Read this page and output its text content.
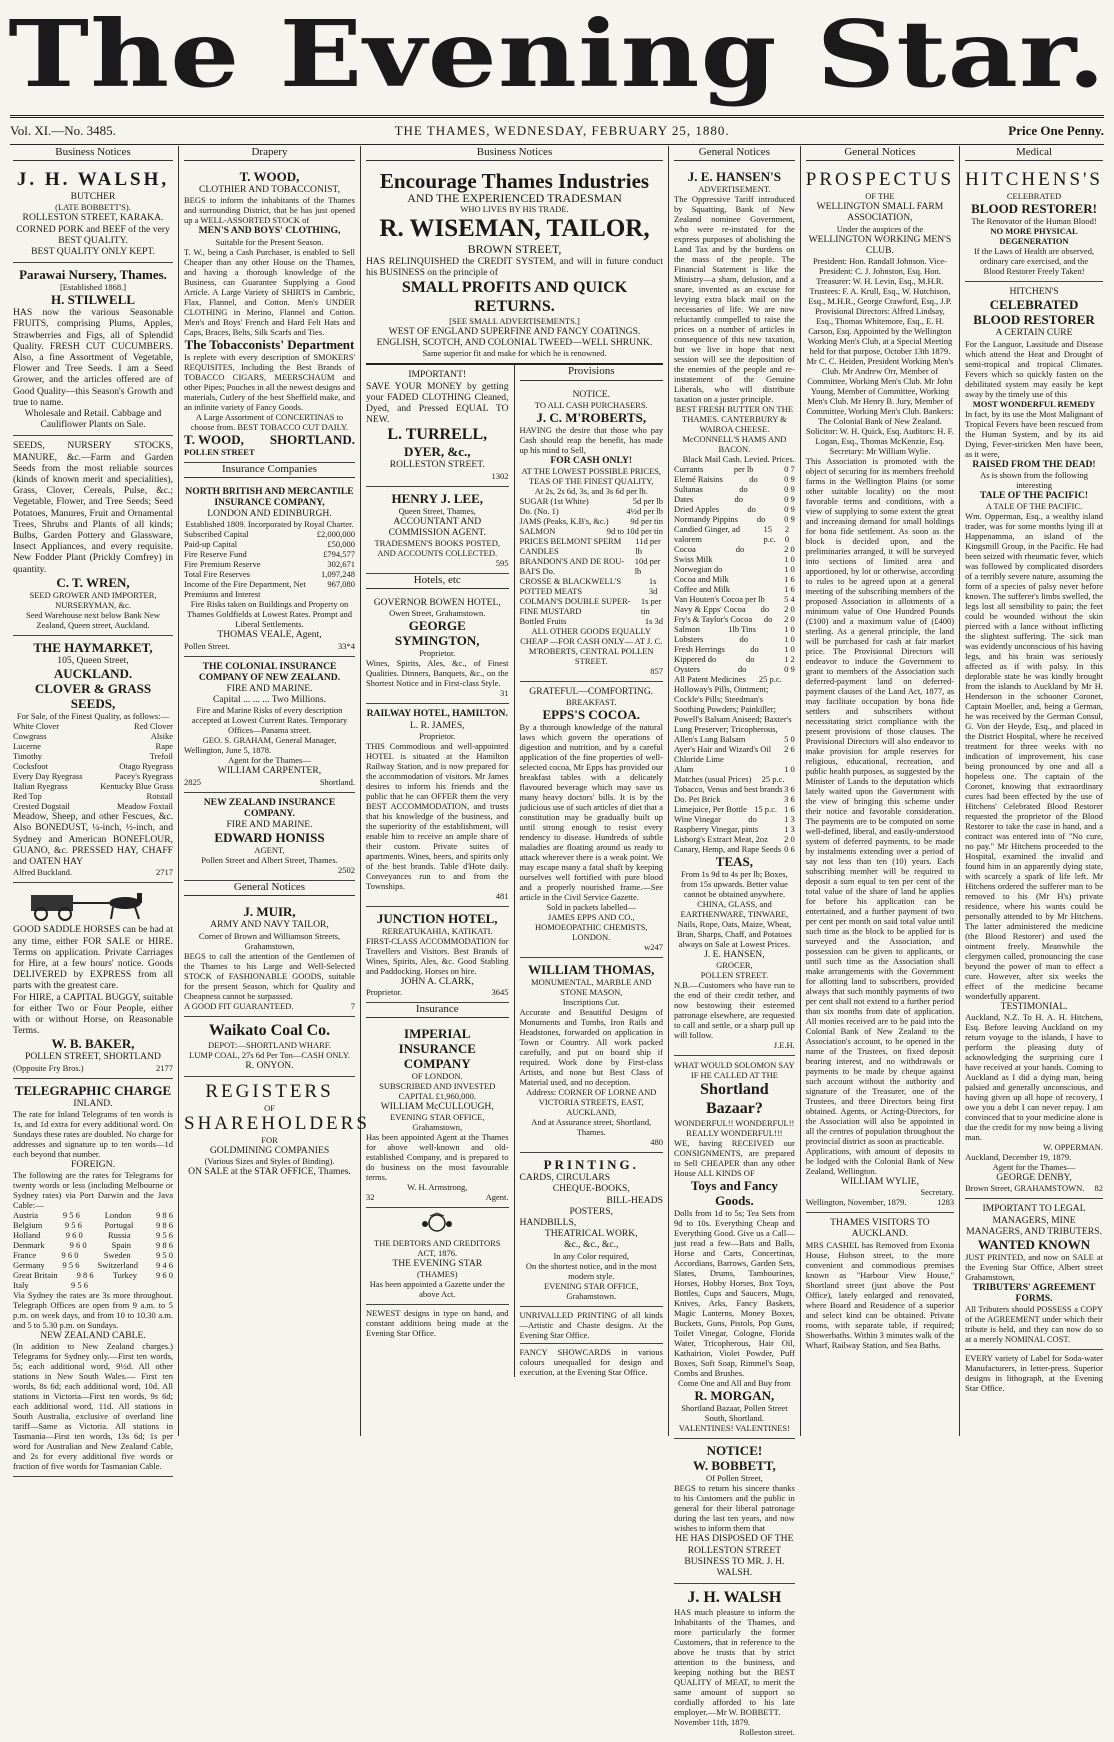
The Evening Star.
Vol. XI.—No. 3485.	THE THAMES, WEDNESDAY, FEBRUARY 25, 1880.	Price One Penny.
Business Notices
J. H. WALSH,
BUTCHER
(LATE BOBBETT'S).
ROLLESTON STREET, KARAKA.
CORNED PORK and BEEF of the very BEST QUALITY.
BEST QUALITY ONLY KEPT.
Parawai Nursery, Thames.
[Established 1868.]
H. STILWELL
HAS now the various Seasonable FRUITS, comprising Plums, Apples, Strawberries and Figs, all of Splendid Quality. FRESH CUT CUCUMBERS. Also, a fine Assortment of Vegetable, Flower and Tree Seeds. I am a Seed Grower, and the articles offered are of Good Quality—this Season's Growth and true to name.
Wholesale and Retail. Cabbage and Cauliflower Plants on Sale.
SEEDS, NURSERY STOCKS, MANURE, &c.—Farm and Garden Seeds from the most reliable sources (kinds of known merit and specialities), Grass, Clover, Cereals, Pulse, &c.; Vegetable, Flower, and Tree Seeds; Seed Potatoes, Manures, Fruit and Ornamental Trees, Shrubs and Plants of all kinds; Bulbs, Garden Pottery and Glassware, Insect Appliances, and every requisite. New Fodder Plant (Prickly Comfrey) in quantity.
C. T. WREN,
SEED GROWER AND IMPORTER, NURSERYMAN, &c.
Seed Warehouse next below Bank New Zealand, Queen street, Auckland.
THE HAYMARKET,
105, Queen Street,
AUCKLAND.
CLOVER & GRASS SEEDS,
For Sale, of the Finest Quality, as follows:—
White Clover	Red Clover
Cowgrass	Alsike
Lucerne	Rape
Timothy	Trefoil
Cocksfoot	Otago Ryegrass
Every Day Ryegrass	Pacey's Ryegrass
Italian Ryegrass	Kentucky Blue Grass
Red Top	Rotstail
Crested Dogstail	Meadow Foxtail
Meadow, Sheep, and other Fescues, &c. Also BONEDUST, ¼-inch, ½-inch, and Sydney and American BONEFLOUR, GUANO, &c. PRESSED HAY, CHAFF and OATEN HAY
Alfred Buckland.	2717
GOOD SADDLE HORSES can be had at any time, either FOR SALE or HIRE. Terms on application. Private Carriages for Hire, at a few hours' notice. Goods DELIVERED by EXPRESS from all parts with the greatest care.
For HIRE, a CAPITAL BUGGY, suitable for either Two or Four People, either with or without Horse, on Reasonable Terms.
W. B. BAKER,
POLLEN STREET, SHORTLAND
(Opposite Fry Bros.)	2177
TELEGRAPHIC CHARGE
INLAND.
The rate for Inland Telegrams of ten words is 1s, and 1d extra for every additional word. On Sundays these rates are doubled. No charge for addresses and signature up to ten words—1d each beyond that number.
FOREIGN.
The following are the rates for Telegrams for twenty words or less (including Melbourne or Sydney rates) via Port Darwin and the Java Cable:—
Austria	9 5 6	London	9 8 6
Belgium	9 5 6	Portugal	9 8 6
Holland	9 6 0	Russia	9 5 6
Denmark	9 6 0	Spain	9 8 6
France	9 6 0	Sweden	9 5 0
Germany 9 5 6 Switzerland 9 4 6
Great Britain 9 8 6 Turkey 9 6 0
Italy	9 5 6
Via Sydney the rates are 3s more throughout. Telegraph Offices are open from 9 a.m. to 5 p.m. on week days, and from 10 to 10.30 a.m. and 5 to 5.30 p.m. on Sundays.
NEW ZEALAND CABLE.
(In addition to New Zealand charges.) Telegrams for Sydney only.—First ten words, 5s; each additional word, 9½d. All other stations in New South Wales.— First ten words, 8s 6d; each additional word, 10d. All stations in Victoria—First ten words, 9s 6d; each additional word, 11d. All stations in South Australia, exclusive of overland line tariff—Same as Victoria. All stations in Tasmania—First ten words, 13s 6d; 1s per word for Australian and New Zealand Cable, and 2s for every additional five words or fraction of five words for Tasmanian Cable.
Drapery
T. WOOD,
CLOTHIER AND TOBACCONIST,
BEGS to inform the inhabitants of the Thames and surrounding District, that he has just opened up a WELL-ASSORTED STOCK of
MEN'S AND BOYS' CLOTHING,
Suitable for the Present Season.
T. W., being a Cash Purchaser, is enabled to Sell Cheaper than any other House on the Thames, and having a thorough knowledge of the Business, can Guarantee Supplying a Good Article. A Large Variety of SHIRTS in Cambric, Flax, Flannel, and Cotton. Men's UNDER CLOTHING in Merino, Flannel and Cotton. Men's and Boys' French and Hard Felt Hats and Caps, Braces, Belts, Silk Scarfs and Ties.
The Tobacconists' Department
Is replete with every description of SMOKERS' REQUISITES, Including the Best Brands of TOBACCO CIGARS, MEERSCHAUM and other Pipes; Pouches in all the newest designs and materials, Cutlery of the best Sheffield make, and an infinite variety of Fancy Goods.
A Large Assortment of CONCERTINAS to choose from. BEST TOBACCO CUT DAILY.
T. WOOD, SHORTLAND.
POLLEN STREET
Insurance Companies
NORTH BRITISH AND MERCANTILE INSURANCE COMPANY,
LONDON AND EDINBURGH.
Established 1809. Incorporated by Royal Charter.
Subscribed Capital	£2,000,000
Paid-up Capital	£50,000
Fire Reserve Fund	£794,577
Fire Premium Reserve	302,671
Total Fire Reserves	1,097,248
Income of the Fire Department, Net Premiums and Interest
967,080
Fire Risks taken on Buildings and Property on Thames Goldfields at Lowest Rates. Prompt and Liberal Settlements.
THOMAS VEALE, Agent,
Pollen Street.	33*4
THE COLONIAL INSURANCE COMPANY OF NEW ZEALAND.
FIRE AND MARINE.
Capital ... ... ... Two Millions.
Fire and Marine Risks of every description accepted at Lowest Current Rates. Temporary Offices—Panama street.
GEO. S. GRAHAM, General Manager,
Wellington, June 5, 1878.
Agent for the Thames—
WILLIAM CARPENTER,
2825	Shortland.
NEW ZEALAND INSURANCE COMPANY.
FIRE AND MARINE.
EDWARD HONISS
AGENT,
Pollen Street and Albert Street, Thames.
2502
General Notices
J. MUIR,
ARMY AND NAVY TAILOR,
Corner of Brown and Williamson Streets, Grahamstown,
BEGS to call the attention of the Gentlemen of the Thames to his Large and Well-Selected STOCK of FASHIONABLE GOODS, suitable for the present Season, which for Quality and Cheapness cannot be surpassed.
A GOOD FIT GUARANTEED.	7
Waikato Coal Co.
DEPOT:—SHORTLAND WHARF.
LUMP COAL, 27s 6d Per Ton—CASH ONLY.
R. ONYON.
REGISTERS
OF
SHAREHOLDERS
FOR
GOLDMINING COMPANIES
(Various Sizes and Styles of Binding).
ON SALE at the STAR OFFICE, Thames.
Business Notices
Encourage Thames Industries
AND THE EXPERIENCED TRADESMAN
WHO LIVES BY HIS TRADE.
R. WISEMAN, TAILOR,
BROWN STREET,
HAS RELINQUISHED the CREDIT SYSTEM, and will in future conduct his BUSINESS on the principle of
SMALL PROFITS AND QUICK RETURNS.
[SEE SMALL ADVERTISEMENTS.]
WEST OF ENGLAND SUPERFINE AND FANCY COATINGS. ENGLISH, SCOTCH, AND COLONIAL TWEED—WELL SHRUNK.
Same superior fit and make for which he is renowned.
IMPORTANT!
SAVE YOUR MONEY by getting your FADED CLOTHING Cleaned, Dyed, and Pressed EQUAL TO NEW.
L. TURRELL,
DYER, &c.,
ROLLESTON STREET.
1302
HENRY J. LEE,
Queen Street, Thames,
ACCOUNTANT AND COMMISSION AGENT.
TRADESMEN'S BOOKS POSTED, AND ACCOUNTS COLLECTED.
595
Hotels, etc
GOVERNOR BOWEN HOTEL,
Owen Street, Grahamstown.
GEORGE SYMINGTON,
Proprietor.
Wines, Spirits, Ales, &c., of Finest Qualities. Dinners, Banquets, &c., on the Shortest Notice and in First-class Style.
31
RAILWAY HOTEL, HAMILTON.
L. R. JAMES,
Proprietor.
THIS Commodious and well-appointed HOTEL is situated at the Hamilton Railway Station, and is now prepared for the accommodation of visitors. Mr James desires to inform his friends and the public that he can OFFER them the very BEST ACCOMMODATION, and trusts that his knowledge of the business, and the superiority of the establishment, will enable him to receive an ample share of their custom. Private suites of apartments. Wines, beers, and spirits only of the best brands. Table d'Hote daily. Conveyances run to and from the Townships.
481
JUNCTION HOTEL,
REREATUKAHIA, KATIKATI.
FIRST-CLASS ACCOMMODATION for Travellers and Visitors. Best Brands of Wines, Spirits, Ales, &c. Good Stabling and Paddocking. Horses on hire.
JOHN A. CLARK,
Proprietor.	3645
Insurance
IMPERIAL
INSURANCE COMPANY
OF LONDON.
SUBSCRIBED AND INVESTED
CAPITAL £1,960,000.
WILLIAM McCULLOUGH,
EVENING STAR OFFICE,
Grahamstown,
Has been appointed Agent at the Thames for above well-known and old-established Company, and is prepared to do business on the most favourable terms.
W. H. Armstrong,
32	Agent.
THE DEBTORS AND CREDITORS
ACT, 1876.
THE EVENING STAR
(THAMES)
Has been appointed a Gazette under the above Act.
NEWEST designs in type on hand, and constant additions being made at the Evening Star Office.
Provisions
NOTICE.
TO ALL CASH PURCHASERS.
J. C. M'ROBERTS,
HAVING the desire that those who pay Cash should reap the benefit, has made up his mind to Sell,
FOR CASH ONLY!
AT THE LOWEST POSSIBLE PRICES, TEAS OF THE FINEST QUALITY,
At 2s, 2s 6d, 3s, and 3s 6d per lb.
SUGAR (1st White)	5d per lb
Do. (No. 1)	4½d per lb
JAMS (Peaks, K.B's, &c.)	9d per tin
SALMON	9d to 10d per tin
PRICES BELMONT SPERM CANDLES
11d per lb
BRANDON'S AND DE ROU-BAI'S Do.
10d per lb
CROSSE & BLACKWELL'S POTTED MEATS
1s 3d
COLMAN'S DOUBLE SUPER-FINE MUSTARD
1s per tin
Bottled Fruits	1s 3d
ALL OTHER GOODS EQUALLY CHEAP —FOR CASH ONLY— AT J. C. M'ROBERTS, CENTRAL POLLEN STREET.
857
GRATEFUL—COMFORTING.
BREAKFAST.
EPPS'S COCOA.
By a thorough knowledge of the natural laws which govern the operations of digestion and nutrition, and by a careful application of the fine properties of well-selected cocoa, Mr Epps has provided our breakfast tables with a delicately flavoured beverage which may save us many heavy doctors' bills. It is by the judicious use of such articles of diet that a constitution may be gradually built up until strong enough to resist every tendency to disease. Hundreds of subtle maladies are floating around us ready to attack wherever there is a weak point. We may escape many a fatal shaft by keeping ourselves well fortified with pure blood and a properly nourished frame.—See article in the Civil Service Gazette.
Sold in packets labelled—
JAMES EPPS AND CO., HOMOEOPATHIC CHEMISTS, LONDON.
w247
WILLIAM THOMAS,
MONUMENTAL, MARBLE AND STONE MASON,
Inscriptions Cut.
Accurate and Beautiful Designs of Monuments and Tombs, Iron Rails and Headstones, forwarded on application in Town or Country. All work packed carefully, and put on board ship if required. Work done by First-class Artists, and none but Best Class of Material used, and no deception.
Address: CORNER OF LORNE AND VICTORIA STREETS, EAST, AUCKLAND,
And at Assurance street, Shortland, Thames.
480
PRINTING.
CARDS, CIRCULARS
CHEQUE-BOOKS,
BILL-HEADS
POSTERS,
HANDBILLS,
THEATRICAL WORK,
&c., &c., &c.,
In any Color required,
On the shortest notice, and in the most modern style.
EVENING STAR OFFICE,
Grahamstown.
UNRIVALLED PRINTING of all kinds —Artistic and Chaste designs. At the Evening Star Office.
FANCY SHOWCARDS in various colours unequalled for design and execution, at the Evening Star Office.
General Notices
J. E. HANSEN'S
ADVERTISEMENT.
The Oppressive Tariff introduced by Squatting, Bank of New Zealand nominee Government, who were re-instated for the express purposes of abolishing the Land Tax and by the burdens on the mass of the people. The Financial Statement is like the Ministry—a sham, delusion, and a snare, invented as an excuse for levying extra black mail on the necessaries of life. We are now reluctantly compelled to raise the prices on a number of articles in consequence of this new taxation, but we live in hope that next session will see the deposition of the enemies of the people and re-instatement of the Genuine Liberals, who will distribute taxation on a juster principle.
BEST FRESH BUTTER ON THE THAMES. CANTERBURY & WAIROA CHEESE. McCONNELL'S HAMS AND BACON.
Black Mail Cash. Levied. Prices.
Currants	per lb	0 7
Elemé Raisins	do	0 9
Sultanas	do	0 9
Dates	do	0 9
Dried Apples	do	0 9
Normandy Pippins do 0 9
Candied Ginger, ad valorem
15 p.c.
2 0
Cocoa	do	2 0
Swiss Milk	1 0
Norwegian do	1 0
Cocoa and Milk	1 6
Coffee and Milk	1 6
Van Houten's Cocoa per lb 5 4
Navy & Epps' Cocoa do 2 0
Fry's & Taylor's Cocoa do 2 0
Salmon	1lb Tins	1 0
Lobsters	do	1 0
Fresh Herrings	do	1 0
Kippered do	do	1 2
Oysters	do	0 9
All Patent Medicines 25 p.c.
Holloway's Pills, Ointment; Cockle's Pills; Steedman's Soothing Powders; Painkiller; Powell's Balsam Aniseed; Baxter's Lung Preserver; Tricopherous,
Allen's Lung Balsam	5 0
Ayer's Hair and Wizard's Oil 2 6
Chloride Lime
Alum	1 0
Matches (usual Prices) 25 p.c.
Tobacco, Venus and best brands 3 6
Do. Pet Brick	3 6
Limejuice, Per Bottle 15 p.c. 1 6
Wine Vinegar	do	1 3
Raspberry Vinegar, pints	1 3
Lisborg's Extract Meat, 2oz 2 0
Canary, Hemp, and Rape Seeds 0 6
TEAS,
From 1s 9d to 4s per lb; Boxes, from 15s upwards. Better value cannot be obtained anywhere.
CHINA, GLASS, and EARTHENWARE, TINWARE, Nails, Rope, Oats, Maize, Wheat, Bran, Sharps, Chaff, and Potatoes always on Sale at Lowest Prices.
J. E. HANSEN,
GROCER,
POLLEN STREET.
N.B.—Customers who have run to the end of their credit tether, and now bestowing their esteemed patronage elsewhere, are requested to call and settle, or a sharp pull up will follow.
J.E.H.
WHAT WOULD SOLOMON SAY
IF HE CALLED AT THE
Shortland Bazaar?
WONDERFUL!! WONDERFUL!! REALLY WONDERFUL!!!
WE, having RECEIVED our CONSIGNMENTS, are prepared to Sell CHEAPER than any other House ALL KINDS OF
Toys and Fancy Goods.
Dolls from 1d to 5s; Tea Sets from 9d to 10s. Everything Cheap and Everything Good. Give us a Call—just read a few—Bats and Balls, Horse and Carts, Concertinas, Accordians, Barrows, Garden Sets, Slates, Drums, Tambourines, Horses, Hobby Horses, Box Toys, Bottles, Cups and Saucers, Mugs, Knives, Arks, Fancy Baskets, Magic Lanterns, Money Boxes, Buckets, Guns, Pistols, Pop Guns, Toilet Vinegar, Cologne, Florida Water, Tricopherous, Hair Oil, Kathairion, Violet Powder, Puff Boxes, Soft Soap, Rimmel's Soap, Combs and Brushes.
Come One and All and Buy from
R. MORGAN,
Shortland Bazaar, Pollen Street South, Shortland.
VALENTINES! VALENTINES!
NOTICE!
W. BOBBETT,
Of Pollen Street,
BEGS to return his sincere thanks to his Customers and the public in general for their liberal patronage during the last ten years, and now wishes to inform them that
HE HAS DISPOSED OF THE ROLLESTON STREET BUSINESS TO MR. J. H. WALSH.
J. H. WALSH
HAS much pleasure to inform the Inhabitants of the Thames, and more particularly the former Customers, that in reference to the above he trusts that by strict attention to the business, and keeping nothing but the BEST QUALITY of MEAT, to merit the same amount of support so cordially afforded to his late employer.—Mr W. BOBBETT.
November 11th, 1879.
Rolleston street.
General Notices
PROSPECTUS
OF THE
WELLINGTON SMALL FARM ASSOCIATION,
Under the auspices of the
WELLINGTON WORKING MEN'S CLUB.
President: Hon. Randall Johnson. Vice-President: C. J. Johnston, Esq. Hon. Treasurer: W. H. Levin, Esq., M.H.R. Trustees: F. A. Krull, Esq., W. Hutchison, Esq., M.H.R., George Crawford, Esq., J.P. Provisional Directors: Alfred Lindsay, Esq., Thomas Whitemore, Esq., E. H. Carson, Esq. Appointed by the Wellington Working Men's Club, at a Special Meeting held for that purpose, October 13th 1879. Mr C. C. Heiden, President Working Men's Club. Mr Andrew Orr, Member of Committee, Working Men's Club. Mr John Young, Member of Committee, Working Men's Club. Mr Henry B. Jury, Member of Committee, Working Men's Club. Bankers: The Colonial Bank of New Zealand. Solicitor: W. H. Quick, Esq. Auditors: H. F. Logan, Esq., Thomas McKenzie, Esq. Secretary: Mr William Wylie.
This Association is promoted with the object of securing for its members freehold farms in the Wellington Plains (or some other suitable locality) on the most favorable terms and conditions, with a view of supplying to some extent the great and increasing demand for small holdings for bona fide settlement. As soon as the block is decided upon, and the preliminaries arranged, it will be surveyed into sections of limited area and apportioned, by lot or otherwise, according to rules to be agreed upon at a general meeting of the subscribing members of the proposed Association in allotments of a minimum value of One Hundred Pounds (£100) and a maximum value of (£400) sterling. As a general principle, the land will be purchased for cash at fair market price. The Provisional Directors will endeavor to induce the Government to grant to members of the Association such deferred-payment land on deferred-payment clauses of the Land Act, 1877, as may facilitate occupation by bona fide settlers and subscribers without necessitating strict compliance with the present provisions of those clauses. The Provisional Directors will also endeavor to make provision for ample reserves for religious, educational, recreation, and public health purposes, as suggested by the Minister of Lands to the deputation which lately waited upon the Government with the view of bringing this scheme under their notice and favorable consideration. The payments are to be computed on some well-defined, liberal, and easily-understood system of deferred payments, to be made by instalments extending over a period of say not less than ten (10) years. Each subscribing member will be required to deposit a sum equal to ten per cent of the total value of the share of land he applies for before his application can be entertained, and a further payment of two per cent per month on said total value until such time as the block to be applied for is surveyed and the Association, and possession can be given to applicants, or until such time as the Association shall make arrangements with the Government for allotting land to subscribers, provided always that such monthly payments of two per cent shall not extend to a further period than six months from date of application. All monies received are to be paid into the Colonial Bank of New Zealand to the Association's account, to be opened in the name of the Trustees, on fixed deposit bearing interest, and no withdrawals or payments to be made by cheque against such account without the authority and signature of the Treasurer, one of the Trustees, and three Directors being first obtained. Agents, or Acting-Directors, for the Association will also be appointed in all the centres of population throughout the provincial district as soon as practicable.
Applications, with amount of deposits to be lodged with the Colonial Bank of New Zealand, Wellington.
WILLIAM WYLIE,
Secretary.
Wellington, November, 1879.	1283
THAMES VISITORS TO AUCKLAND.
MRS CASHEL has Removed from Exonia House, Hobson street, to the more convenient and commodious premises known as "Harbour View House," Shortland street (just above the Post Office), lately enlarged and renovated, where Board and Residence of a superior and select kind can be obtained. Private rooms, with separate table, if required; Showerbaths. Within 3 minutes walk of the Wharf, Railway Station, and Sea Baths.
Medical
HITCHENS'S
CELEBRATED
BLOOD RESTORER!
The Renovator of the Human Blood!
NO MORE PHYSICAL DEGENERATION
If the Laws of Health are observed, ordinary care exercised, and the
Blood Restorer Freely Taken!
HITCHEN'S
CELEBRATED BLOOD RESTORER
A CERTAIN CURE
For the Languor, Lassitude and Disease which attend the Heat and Drought of semi-tropical and tropical Climates. Fevers which so quickly fasten on the debilitated system may easily be kept away by the timely use of this
MOST WONDERFUL REMEDY
In fact, by its use the Most Malignant of Tropical Fevers have been rescued from the Human System, and by its aid Dying, Fever-stricken Men have been, as it were,
RAISED FROM THE DEAD!
As is shown from the following interesting
TALE OF THE PACIFIC!
A TALE OF THE PACIFIC.
Wm. Opperman, Esq., a wealthy island trader, was for some months lying ill at Happenamma, an island of the Kingsmill Group, in the Pacific. He had been seized with rheumatic fever, which was followed by complicated disorders of a terribly severe nature, assuming the form of a species of palsy never before known. The sufferer's limbs swelled, the legs lost all sensibility to pain; the feet could be wounded without the skin pierced with a lance without inflicting the slightest suffering. The sick man was evidently unconscious of his having legs, and his brain was seriously affected as if with palsy. In this deplorable state he was kindly brought from the islands to Auckland by Mr H. Henderson in the schooner Coronet, Captain Moeller, and, being a German, he was received by the German Consul, G. Von der Heyde, Esq., and placed in the District Hospital, where he received treatment for three weeks with no indication of improvement, his case being pronounced by one and all a hopeless one. The captain of the Coronet, knowing that extraordinary cures had been effected by the use of Hitchens' Celebrated Blood Restorer requested the proprietor of the Blood Restorer to take the case in hand, and a contract was entered into of "No cure, no pay." Mr Hitchens proceeded to the Hospital, examined the invalid and found him in an apparently dying state, with scarcely a spark of life left. Mr Hitchens ordered the sufferer man to be removed to his (Mr H's) private residence, where his wants could be personally attended to by Mr Hitchens. The latter administered the medicine (the Blood Restorer) and used the ointment freely. Meanwhile the clergymen called, pronouncing the case beyond the power of man to effect a cure. However, after six weeks the effect of the medicine became wonderfully apparent.
TESTIMONIAL.
Auckland, N.Z. To H. A. H. Hitchens, Esq. Before leaving Auckland on my return voyage to the islands, I have to perform the pleasing duty of acknowledging the surprising cure I have received at your hands. Coming to Auckland as I did a dying man, being palsied and generally unconscious, and having given up all hope of recovery, I owe you a debt I can never repay. I am convinced that to your medicine alone is due the credit for my now being a living man.
W. OPPERMAN.
Auckland, December 19, 1879.
Agent for the Thames—
GEORGE DENBY,
Brown Street, GRAHAMSTOWN. 82
IMPORTANT TO LEGAL MANAGERS, MINE MANAGERS, AND TRIBUTERS.
WANTED KNOWN
JUST PRINTED, and now on SALE at the Evening Star Office, Albert street Grahamstown,
TRIBUTERS' AGREEMENT FORMS.
All Tributers should POSSESS a COPY of the AGREEMENT under which their tribute is held, and they can now do so at a merely NOMINAL COST.
EVERY variety of Label for Soda-water Manufacturers, in letter-press. Superior designs in lithograph, at the Evening Star Office.
